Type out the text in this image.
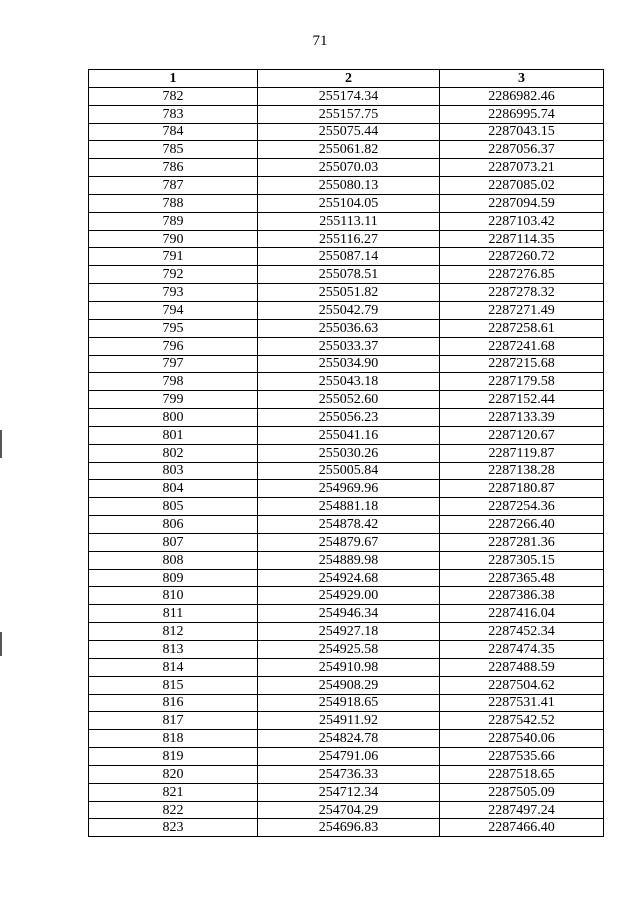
71
1	2	3
782	255174.34	2286982.46
783	255157.75	2286995.74
784	255075.44	2287043.15
785	255061.82	2287056.37
786	255070.03	2287073.21
787	255080.13	2287085.02
788	255104.05	2287094.59
789	255113.11	2287103.42
790	255116.27	2287114.35
791	255087.14	2287260.72
792	255078.51	2287276.85
793	255051.82	2287278.32
794	255042.79	2287271.49
795	255036.63	2287258.61
796	255033.37	2287241.68
797	255034.90	2287215.68
798	255043.18	2287179.58
799	255052.60	2287152.44
800	255056.23	2287133.39
801	255041.16	2287120.67
802	255030.26	2287119.87
803	255005.84	2287138.28
804	254969.96	2287180.87
805	254881.18	2287254.36
806	254878.42	2287266.40
807	254879.67	2287281.36
808	254889.98	2287305.15
809	254924.68	2287365.48
810	254929.00	2287386.38
811	254946.34	2287416.04
812	254927.18	2287452.34
813	254925.58	2287474.35
814	254910.98	2287488.59
815	254908.29	2287504.62
816	254918.65	2287531.41
817	254911.92	2287542.52
818	254824.78	2287540.06
819	254791.06	2287535.66
820	254736.33	2287518.65
821	254712.34	2287505.09
822	254704.29	2287497.24
823	254696.83	2287466.40
